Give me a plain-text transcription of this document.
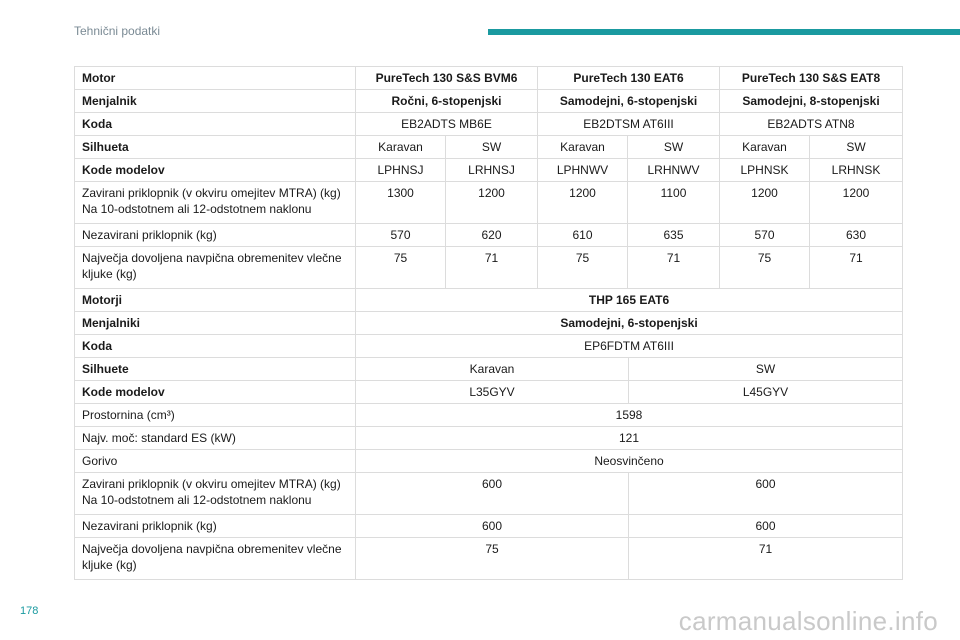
Tehnični podatki
Motor	PureTech 130 S&S BVM6		PureTech 130 EAT6		PureTech 130 S&S EAT8	
Menjalnik	Ročni, 6-stopenjski		Samodejni, 6-stopenjski		Samodejni, 8-stopenjski	
Koda	EB2ADTS MB6E		EB2DTSM AT6III		EB2ADTS ATN8	
Silhueta	Karavan	SW	Karavan	SW	Karavan	SW
Kode modelov	LPHNSJ	LRHNSJ	LPHNWV	LRHNWV	LPHNSK	LRHNSK
Zavirani priklopnik (v okviru omejitev MTRA) (kg) Na 10-odstotnem ali 12-odstotnem naklonu	1300	1200	1200	1100	1200	1200
Nezavirani priklopnik (kg)	570	620	610	635	570	630
Največja dovoljena navpična obremenitev vlečne kljuke (kg)	75	71	75	71	75	71
Motorji	THP 165 EAT6	
Menjalniki	Samodejni, 6-stopenjski	
Koda	EP6FDTM AT6III	
Silhuete	Karavan	SW
Kode modelov	L35GYV	L45GYV
Prostornina (cm³)	1598	
Najv. moč: standard ES (kW)	121	
Gorivo	Neosvinčeno	
Zavirani priklopnik (v okviru omejitev MTRA) (kg) Na 10-odstotnem ali 12-odstotnem naklonu	600	600
Nezavirani priklopnik (kg)	600	600
Največja dovoljena navpična obremenitev vlečne kljuke (kg)	75	71
178	carmanualsonline.info
